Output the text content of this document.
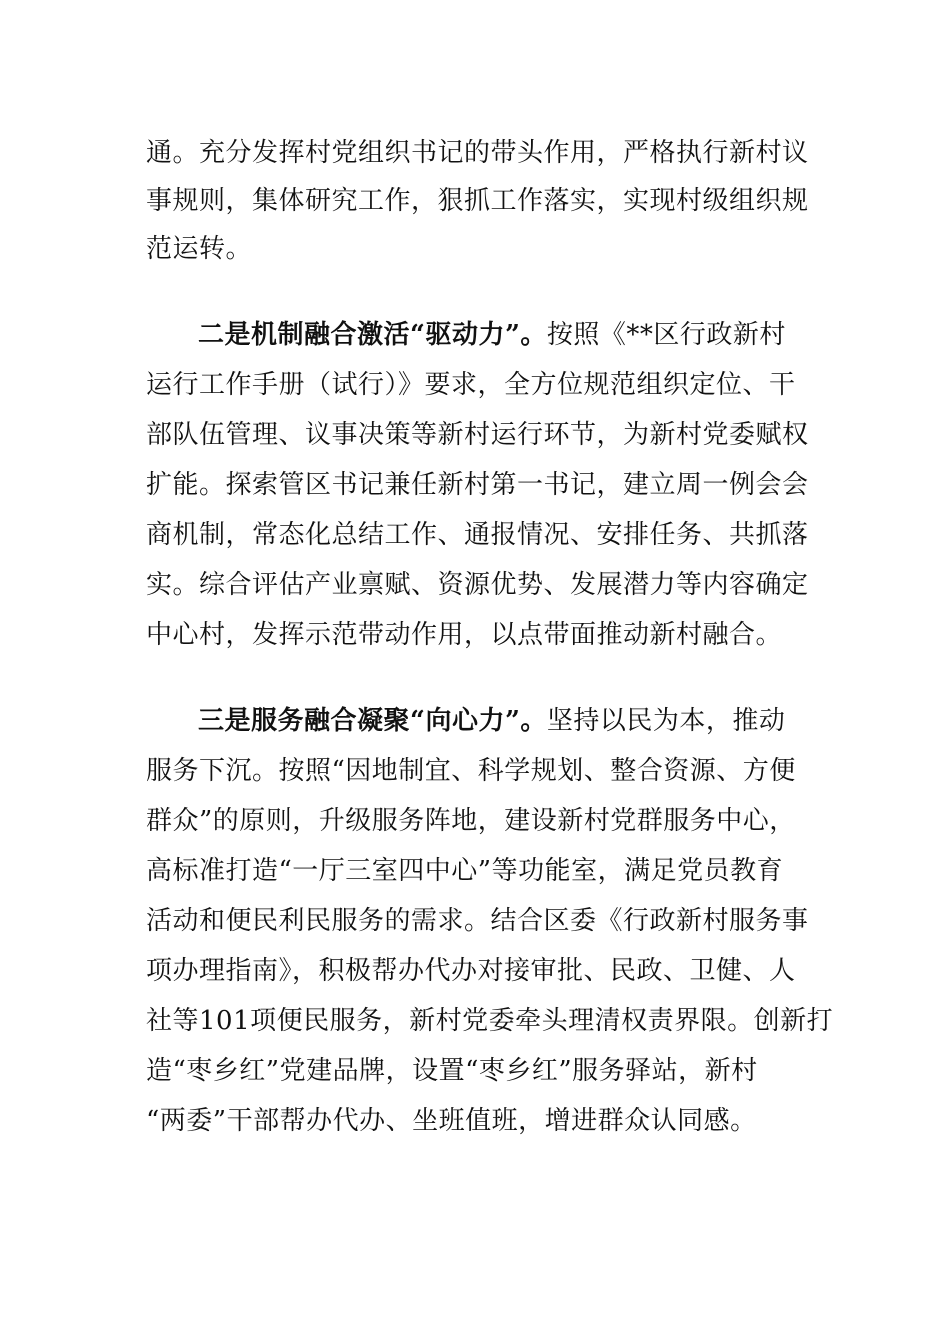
通。充分发挥村党组织书记的带头作用，严格执行新村议
事规则，集体研究工作，狠抓工作落实，实现村级组织规
范运转。
二是机制融合激活“驱动力”。按照《**区行政新村
运行工作手册（试行）》要求，全方位规范组织定位、干
部队伍管理、议事决策等新村运行环节，为新村党委赋权
扩能。探索管区书记兼任新村第一书记，建立周一例会会
商机制，常态化总结工作、通报情况、安排任务、共抓落
实。综合评估产业禀赋、资源优势、发展潜力等内容确定
中心村，发挥示范带动作用，以点带面推动新村融合。
三是服务融合凝聚“向心力”。坚持以民为本，推动
服务下沉。按照“因地制宜、科学规划、整合资源、方便
群众”的原则，升级服务阵地，建设新村党群服务中心，
高标准打造“一厅三室四中心”等功能室，满足党员教育
活动和便民利民服务的需求。结合区委《行政新村服务事
项办理指南》，积极帮办代办对接审批、民政、卫健、人
社等101项便民服务，新村党委牵头理清权责界限。创新打
造“枣乡红”党建品牌，设置“枣乡红”服务驿站，新村
“两委”干部帮办代办、坐班值班，增进群众认同感。
